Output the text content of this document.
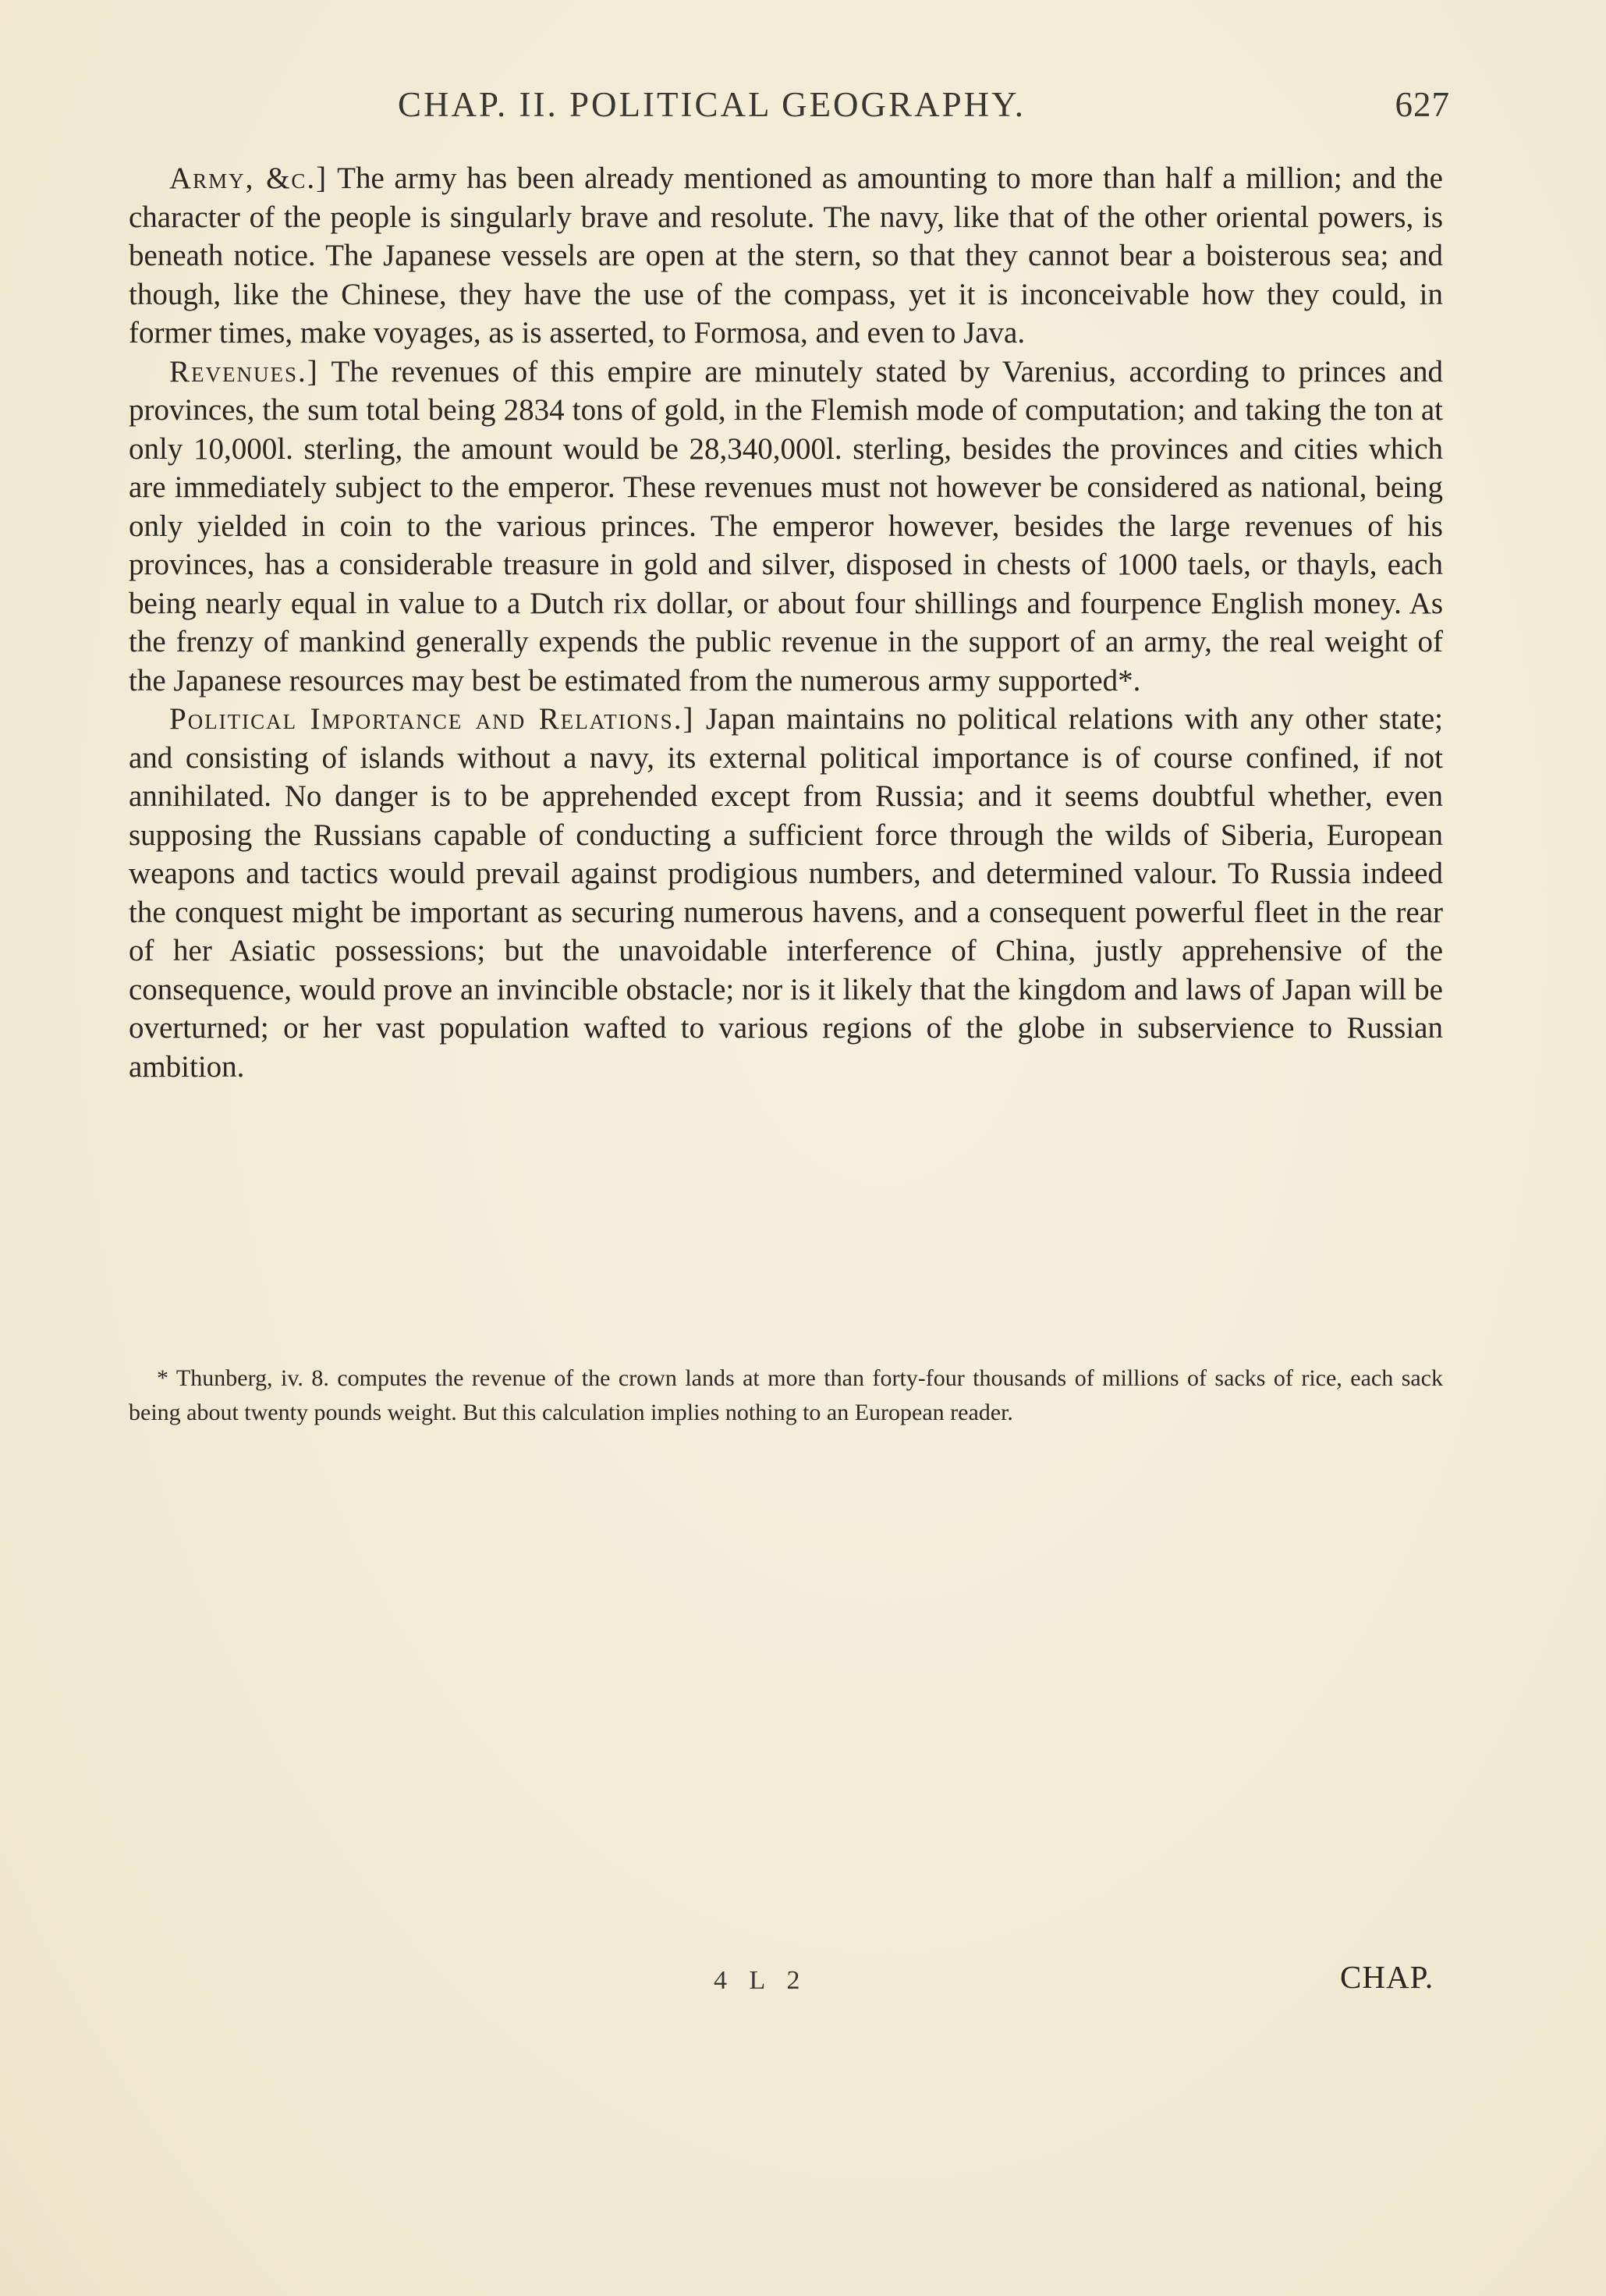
CHAP. II. POLITICAL GEOGRAPHY.	627

Army, &c.] The army has been already mentioned as amounting to more than half a million; and the character of the people is singularly brave and resolute. The navy, like that of the other oriental powers, is beneath notice. The Japanese vessels are open at the stern, so that they cannot bear a boisterous sea; and though, like the Chinese, they have the use of the compass, yet it is inconceivable how they could, in former times, make voyages, as is asserted, to Formosa, and even to Java.

Revenues.] The revenues of this empire are minutely stated by Varenius, according to princes and provinces, the sum total being 2834 tons of gold, in the Flemish mode of computation; and taking the ton at only 10,000l. sterling, the amount would be 28,340,000l. sterling, besides the provinces and cities which are immediately subject to the emperor. These revenues must not however be considered as national, being only yielded in coin to the various princes. The emperor however, besides the large revenues of his provinces, has a considerable treasure in gold and silver, disposed in chests of 1000 taels, or thayls, each being nearly equal in value to a Dutch rix dollar, or about four shillings and fourpence English money. As the frenzy of mankind generally expends the public revenue in the support of an army, the real weight of the Japanese resources may best be estimated from the numerous army supported*.

Political Importance and Relations.] Japan maintains no political relations with any other state; and consisting of islands without a navy, its external political importance is of course confined, if not annihilated. No danger is to be apprehended except from Russia; and it seems doubtful whether, even supposing the Russians capable of conducting a sufficient force through the wilds of Siberia, European weapons and tactics would prevail against prodigious numbers, and determined valour. To Russia indeed the conquest might be important as securing numerous havens, and a consequent powerful fleet in the rear of her Asiatic possessions; but the unavoidable interference of China, justly apprehensive of the consequence, would prove an invincible obstacle; nor is it likely that the kingdom and laws of Japan will be overturned; or her vast population wafted to various regions of the globe in subservience to Russian ambition.

* Thunberg, iv. 8. computes the revenue of the crown lands at more than forty-four thousands of millions of sacks of rice, each sack being about twenty pounds weight. But this calculation implies nothing to an European reader.
4 L 2	CHAP.
